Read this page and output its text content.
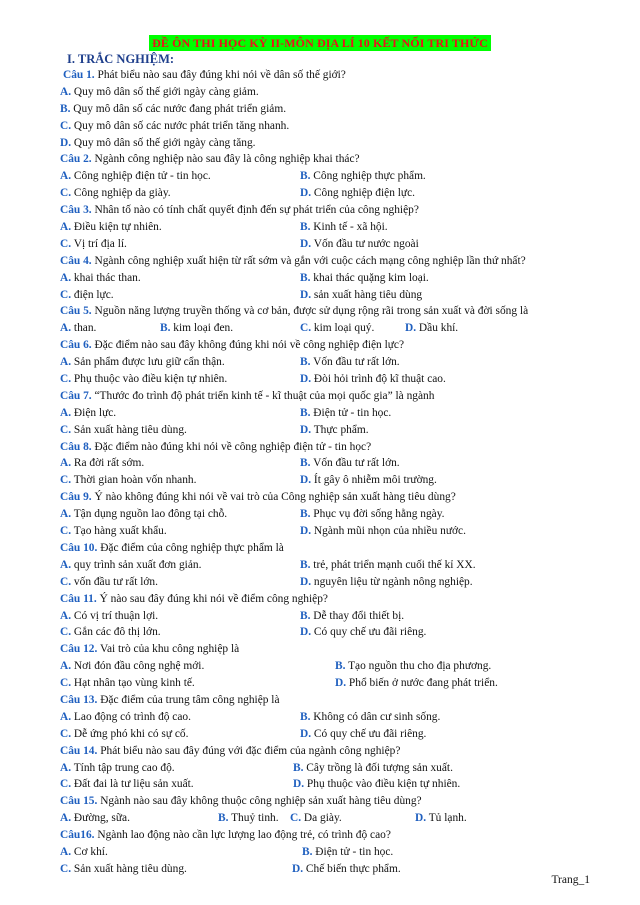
ĐỀ ÔN THI HỌC KỲ II-MÔN ĐỊA LÍ 10 KẾT NỐI TRI THỨC
I. TRẮC NGHIỆM:
Câu 1. Phát biểu nào sau đây đúng khi nói về dân số thế giới?
A. Quy mô dân số thế giới ngày càng giảm.
B. Quy mô dân số các nước đang phát triển giảm.
C. Quy mô dân số các nước phát triển tăng nhanh.
D. Quy mô dân số thế giới ngày càng tăng.
Câu 2. Ngành công nghiệp nào sau đây là công nghiệp khai thác?
A. Công nghiệp điện tử - tin học.	B. Công nghiệp thực phẩm.
C. Công nghiệp da giày.	D. Công nghiệp điện lực.
Câu 3. Nhân tố nào có tính chất quyết định đến sự phát triển của công nghiệp?
A. Điều kiện tự nhiên.	B. Kinh tế - xã hội.
C. Vị trí địa lí.	D. Vốn đầu tư nước ngoài
Câu 4. Ngành công nghiệp xuất hiện từ rất sớm và gắn với cuộc cách mạng công nghiệp lần thứ nhất?
A. khai thác than.	B. khai thác quặng kim loại.
C. điện lực.	D. sản xuất hàng tiêu dùng
Câu 5. Nguồn năng lượng truyền thống và cơ bản, được sử dụng rộng rãi trong sản xuất và đời sống là
A. than.	B. kim loại đen.	C. kim loại quý.	D. Dầu khí.
Câu 6. Đặc điểm nào sau đây không đúng khi nói về công nghiệp điện lực?
A. Sản phẩm được lưu giữ cẩn thận.	B. Vốn đầu tư rất lớn.
C. Phụ thuộc vào điều kiện tự nhiên.	D. Đòi hỏi trình độ kĩ thuật cao.
Câu 7. “Thước đo trình độ phát triển kinh tế - kĩ thuật của mọi quốc gia” là ngành
A. Điện lực.	B. Điện tử - tin học.
C. Sản xuất hàng tiêu dùng.	D. Thực phẩm.
Câu 8. Đặc điểm nào đúng khi nói về công nghiệp điện tử - tin học?
A. Ra đời rất sớm.	B. Vốn đầu tư rất lớn.
C. Thời gian hoàn vốn nhanh.	D. Ít gây ô nhiễm môi trường.
Câu 9. Ý nào không đúng khi nói về vai trò của Công nghiệp sản xuất hàng tiêu dùng?
A. Tận dụng nguồn lao đông tại chỗ.	B. Phục vụ đời sống hằng ngày.
C. Tạo hàng xuất khẩu.	D. Ngành mũi nhọn của nhiều nước.
Câu 10. Đặc điểm của công nghiệp thực phẩm là
A. quy trình sản xuất đơn giản.	B. trẻ, phát triển mạnh cuối thế kỉ XX.
C. vốn đầu tư rất lớn.	D. nguyên liệu từ ngành nông nghiệp.
Câu 11. Ý nào sau đây đúng khi nói về điểm công nghiệp?
A. Có vị trí thuận lợi.	B. Dễ thay đổi thiết bị.
C. Gắn các đô thị lớn.	D. Có quy chế ưu đãi riêng.
Câu 12. Vai trò của khu công nghiệp là
A. Nơi đón đầu công nghệ mới.	B. Tạo nguồn thu cho địa phương.
C. Hạt nhân tạo vùng kinh tế.	D. Phổ biến ở nước đang phát triển.
Câu 13. Đặc điểm của trung tâm công nghiệp là
A. Lao động có trình độ cao.	B. Không có dân cư sinh sống.
C. Dễ ứng phó khi có sự cố.	D. Có quy chế ưu đãi riêng.
Câu 14. Phát biểu nào sau đây đúng với đặc điểm của ngành công nghiệp?
A. Tính tập trung cao độ.	B. Cây trồng là đối tượng sản xuất.
C. Đất đai là tư liệu sản xuất.	D. Phụ thuộc vào điều kiện tự nhiên.
Câu 15. Ngành nào sau đây không thuộc công nghiệp sản xuất hàng tiêu dùng?
A. Đường, sữa.	B. Thuỷ tinh. C. Da giày.	D. Tủ lạnh.
Câu16. Ngành lao động nào cần lực lượng lao động trẻ, có trình độ cao?
A. Cơ khí.	B. Điện tử - tin học.
C. Sản xuất hàng tiêu dùng.	D. Chế biến thực phẩm.
Trang_1
